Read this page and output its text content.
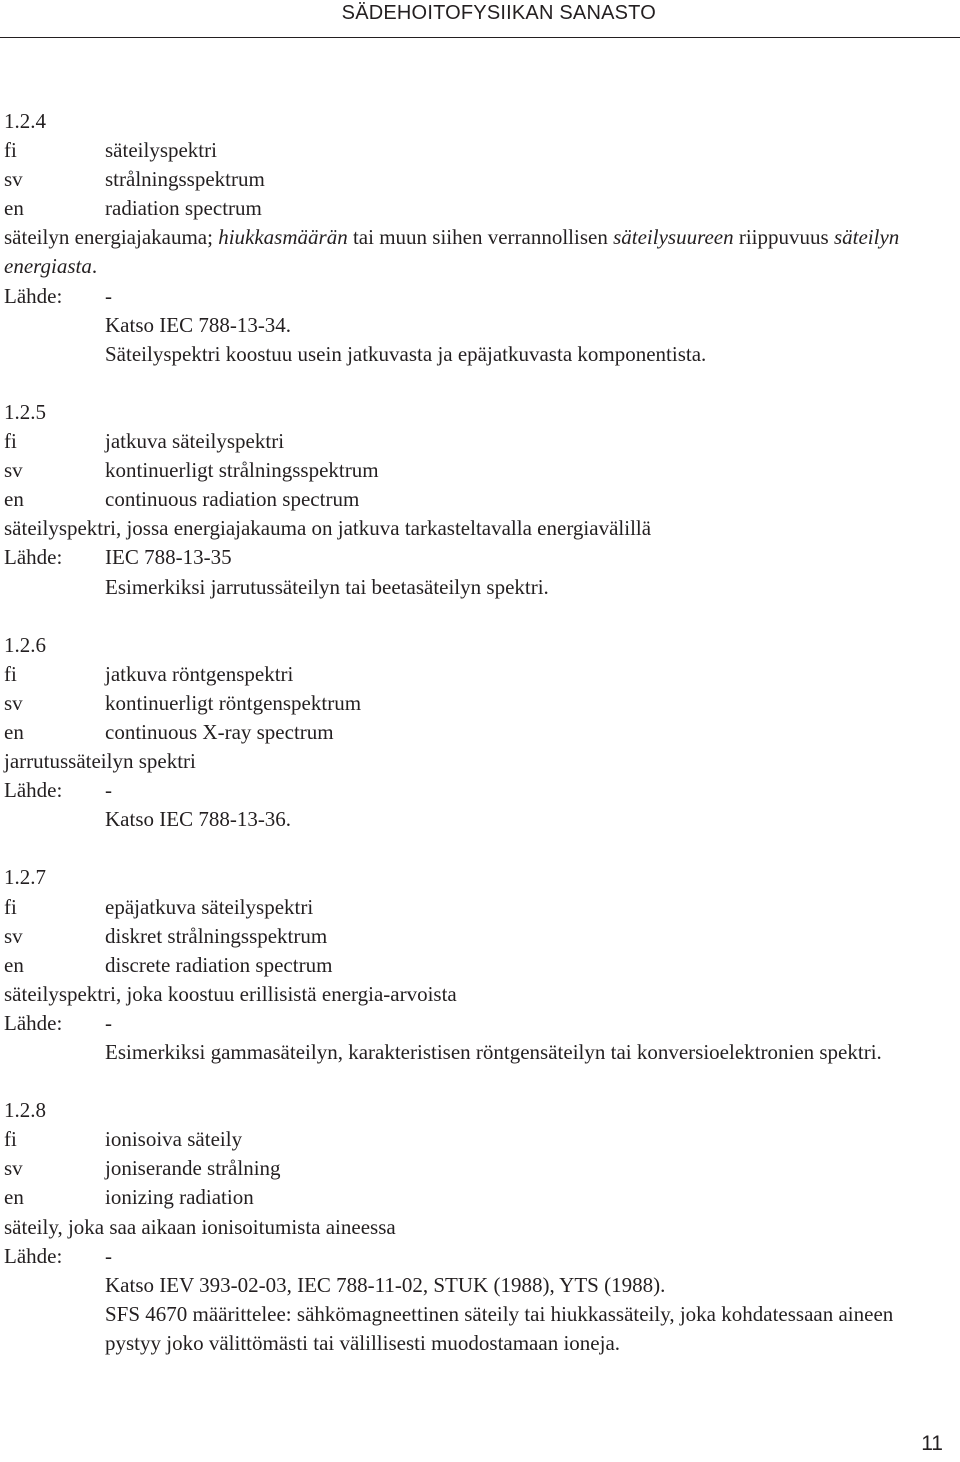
SÄDEHOITOFYSIIKAN SANASTO
1.2.4
fi	säteilyspektri
sv	strålningsspektrum
en	radiation spectrum
säteilyn energiajakauma; hiukkasmäärän tai muun siihen verrannollisen säteilysuureen riippuvuus säteilyn energiasta.
Lähde:	-
Katso IEC 788-13-34.
Säteilyspektri koostuu usein jatkuvasta ja epäjatkuvasta komponentista.
1.2.5
fi	jatkuva säteilyspektri
sv	kontinuerligt strålningsspektrum
en	continuous radiation spectrum
säteilyspektri, jossa energiajakauma on jatkuva tarkasteltavalla energiavälillä
Lähde:	IEC 788-13-35
Esimerkiksi jarrutussäteilyn tai beetasäteilyn spektri.
1.2.6
fi	jatkuva röntgenspektri
sv	kontinuerligt röntgenspektrum
en	continuous X-ray spectrum
jarrutussäteilyn spektri
Lähde:	-
Katso IEC 788-13-36.
1.2.7
fi	epäjatkuva säteilyspektri
sv	diskret strålningsspektrum
en	discrete radiation spectrum
säteilyspektri, joka koostuu erillisistä energia-arvoista
Lähde:	-
Esimerkiksi gammasäteilyn, karakteristisen röntgensäteilyn tai konversioelektronien spektri.
1.2.8
fi	ionisoiva säteily
sv	joniserande strålning
en	ionizing radiation
säteily, joka saa aikaan ionisoitumista aineessa
Lähde:	-
Katso IEV 393-02-03, IEC 788-11-02, STUK (1988), YTS (1988).
SFS 4670 määrittelee: sähkömagneettinen säteily tai hiukkassäteily, joka kohdatessaan aineen pystyy joko välittömästi tai välillisesti muodostamaan ioneja.
11
